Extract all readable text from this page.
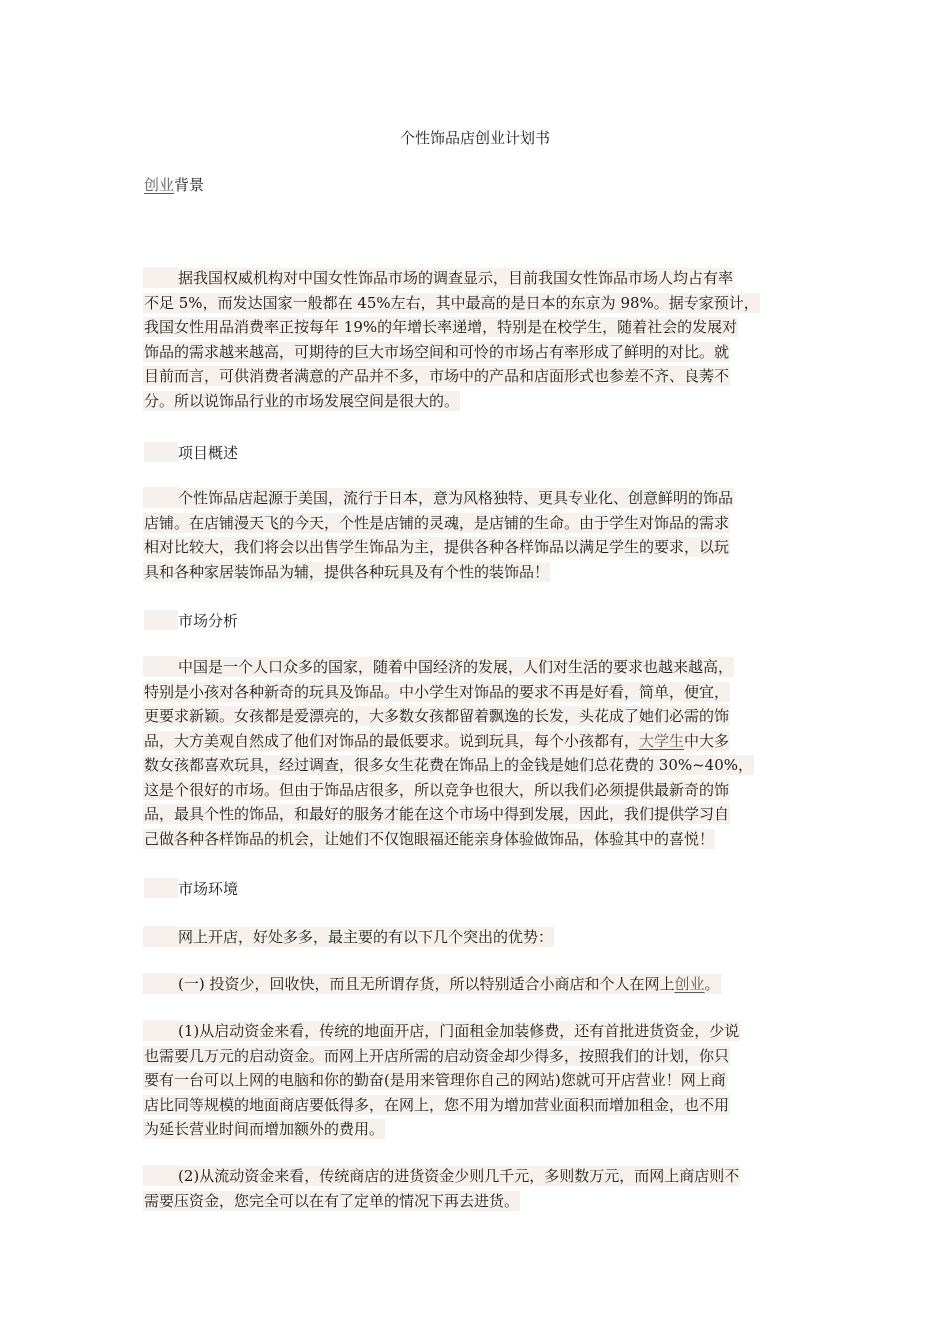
个性饰品店创业计划书
创业背景
据我国权威机构对中国女性饰品市场的调查显示，目前我国女性饰品市场人均占有率
不足 5%，而发达国家一般都在 45%左右，其中最高的是日本的东京为 98%。据专家预计，
我国女性用品消费率正按每年 19%的年增长率递增，特别是在校学生，随着社会的发展对
饰品的需求越来越高，可期待的巨大市场空间和可怜的市场占有率形成了鲜明的对比。就
目前而言，可供消费者满意的产品并不多，市场中的产品和店面形式也参差不齐、良莠不
分。所以说饰品行业的市场发展空间是很大的。
项目概述
个性饰品店起源于美国，流行于日本，意为风格独特、更具专业化、创意鲜明的饰品
店铺。在店铺漫天飞的今天，个性是店铺的灵魂，是店铺的生命。由于学生对饰品的需求
相对比较大，我们将会以出售学生饰品为主，提供各种各样饰品以满足学生的要求，以玩
具和各种家居装饰品为辅，提供各种玩具及有个性的装饰品！
市场分析
中国是一个人口众多的国家，随着中国经济的发展，人们对生活的要求也越来越高，
特别是小孩对各种新奇的玩具及饰品。中小学生对饰品的要求不再是好看，简单，便宜，
更要求新颖。女孩都是爱漂亮的，大多数女孩都留着飘逸的长发，头花成了她们必需的饰
品，大方美观自然成了他们对饰品的最低要求。说到玩具，每个小孩都有，大学生中大多
数女孩都喜欢玩具，经过调查，很多女生花费在饰品上的金钱是她们总花费的 30%~40%，
这是个很好的市场。但由于饰品店很多，所以竞争也很大，所以我们必须提供最新奇的饰
品，最具个性的饰品，和最好的服务才能在这个市场中得到发展，因此，我们提供学习自
己做各种各样饰品的机会，让她们不仅饱眼福还能亲身体验做饰品，体验其中的喜悦！
市场环境
网上开店，好处多多，最主要的有以下几个突出的优势：
(一) 投资少，回收快，而且无所谓存货，所以特别适合小商店和个人在网上创业。
(1)从启动资金来看，传统的地面开店，门面租金加装修费，还有首批进货资金，少说
也需要几万元的启动资金。而网上开店所需的启动资金却少得多，按照我们的计划，你只
要有一台可以上网的电脑和你的勤奋(是用来管理你自己的网站)您就可开店营业！网上商
店比同等规模的地面商店要低得多，在网上，您不用为增加营业面积而增加租金，也不用
为延长营业时间而增加额外的费用。
(2)从流动资金来看，传统商店的进货资金少则几千元，多则数万元，而网上商店则不
需要压资金，您完全可以在有了定单的情况下再去进货。
